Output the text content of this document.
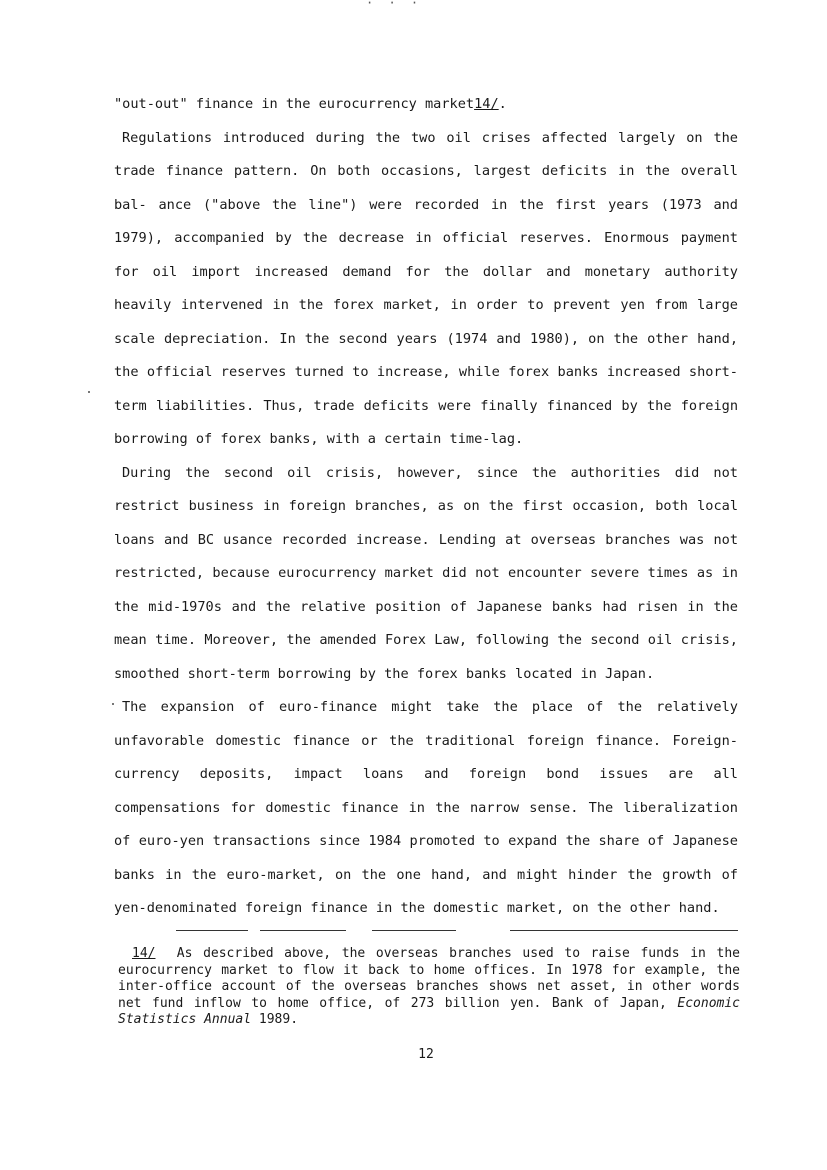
· · ·

"out-out" finance in the eurocurrency market14/.

Regulations introduced during the two oil crises affected largely on the trade finance pattern. On both occasions, largest deficits in the overall bal- ance ("above the line") were recorded in the first years (1973 and 1979), accompanied by the decrease in official reserves. Enormous payment for oil import increased demand for the dollar and monetary authority heavily intervened in the forex market, in order to prevent yen from large scale depreciation. In the second years (1974 and 1980), on the other hand, the official reserves turned to increase, while forex banks increased short-term liabilities. Thus, trade deficits were finally financed by the foreign borrowing of forex banks, with a certain time-lag.

During the second oil crisis, however, since the authorities did not restrict business in foreign branches, as on the first occasion, both local loans and BC usance recorded increase. Lending at overseas branches was not restricted, because eurocurrency market did not encounter severe times as in the mid-1970s and the relative position of Japanese banks had risen in the mean time. Moreover, the amended Forex Law, following the second oil crisis, smoothed short-term borrowing by the forex banks located in Japan.

The expansion of euro-finance might take the place of the relatively unfavorable domestic finance or the traditional foreign finance. Foreign- currency deposits, impact loans and foreign bond issues are all compensations for domestic finance in the narrow sense. The liberalization of euro-yen transactions since 1984 promoted to expand the share of Japanese banks in the euro-market, on the one hand, and might hinder the growth of yen-denominated foreign finance in the domestic market, on the other hand.

14/ As described above, the overseas branches used to raise funds in the eurocurrency market to flow it back to home offices. In 1978 for example, the inter-office account of the overseas branches shows net asset, in other words net fund inflow to home office, of 273 billion yen. Bank of Japan, Economic Statistics Annual 1989.
12
